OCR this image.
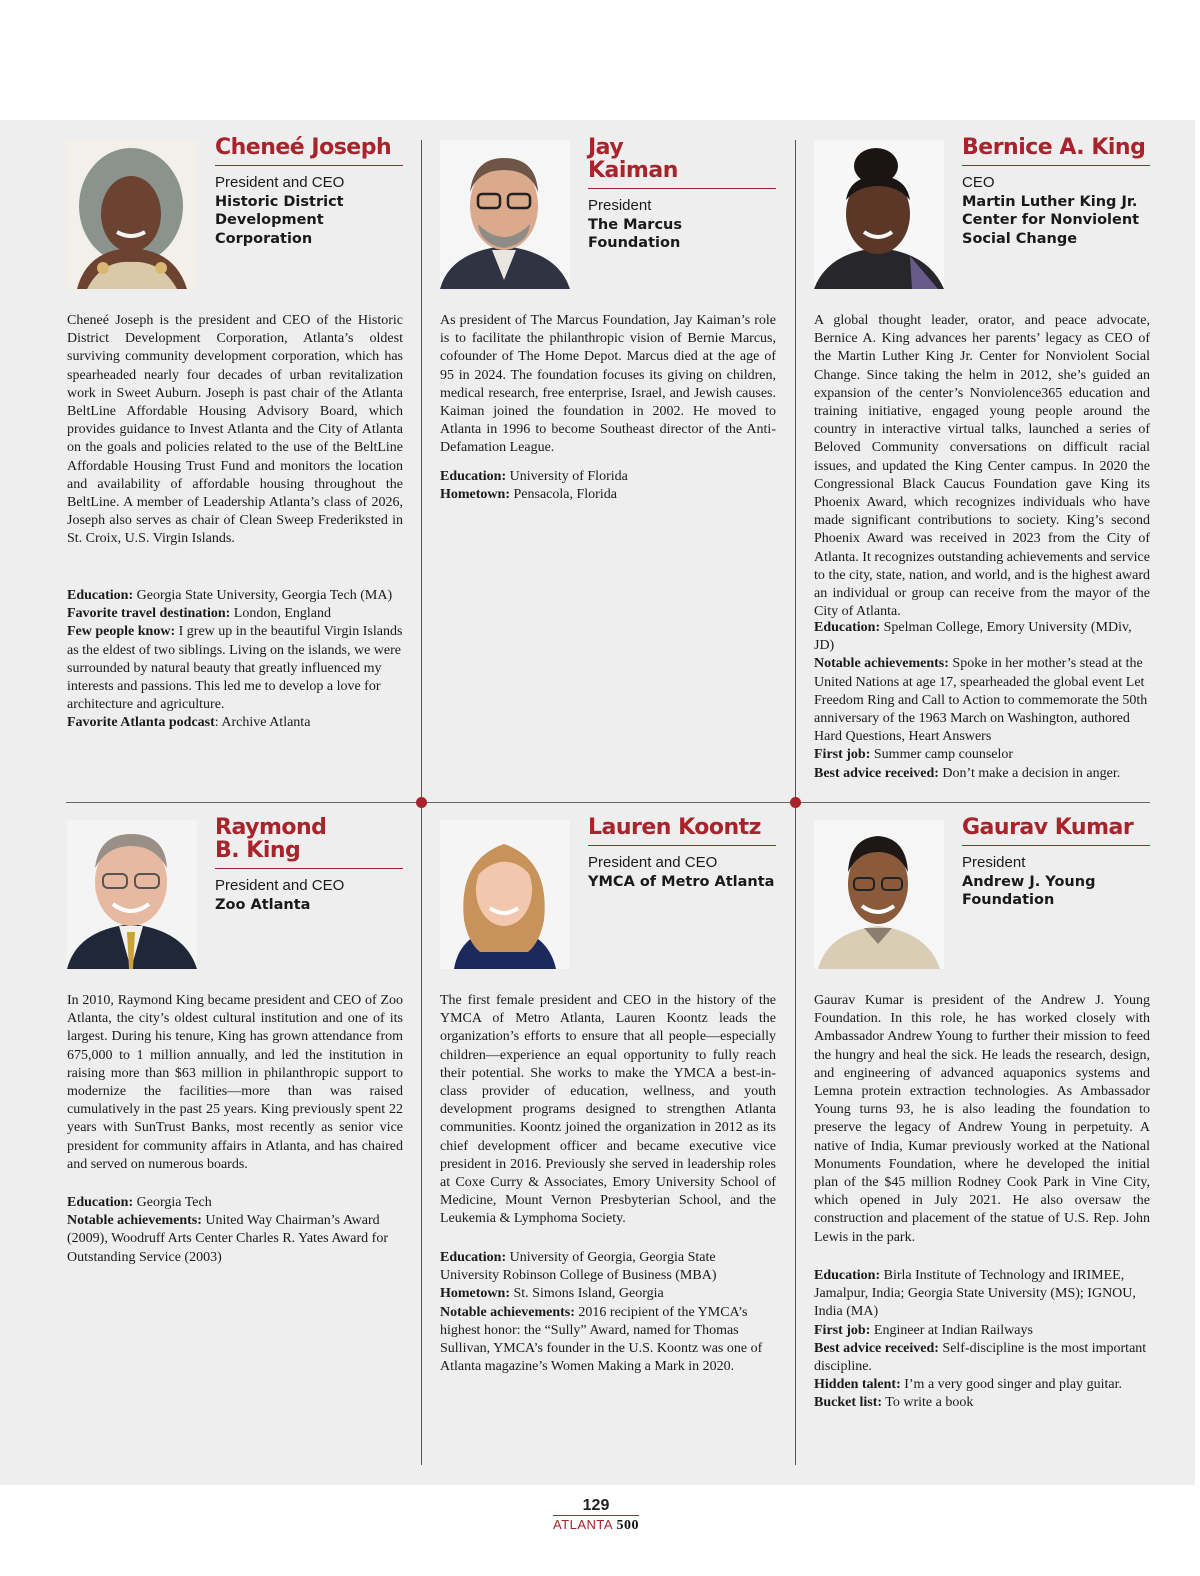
Cheneé Joseph
President and CEO
Historic District
Development
Corporation

Cheneé Joseph is the president and CEO of the Historic District Development Corporation, Atlanta’s oldest surviving community development corporation, which has spearheaded nearly four decades of urban revitalization work in Sweet Auburn. Joseph is past chair of the Atlanta BeltLine Affordable Housing Advisory Board, which provides guidance to Invest Atlanta and the City of Atlanta on the goals and policies related to the use of the BeltLine Affordable Housing Trust Fund and monitors the location and availability of affordable housing throughout the BeltLine. A member of Leadership Atlanta’s class of 2026, Joseph also serves as chair of Clean Sweep Frederiksted in St. Croix, U.S. Virgin Islands.

Education: Georgia State University, Georgia Tech (MA)

Favorite travel destination: London, England

Few people know: I grew up in the beautiful Virgin Islands as the eldest of two siblings. Living on the islands, we were surrounded by natural beauty that greatly influenced my interests and passions. This led me to develop a love for architecture and agriculture.

Favorite Atlanta podcast: Archive Atlanta

Jay
Kaiman
President
The Marcus Foundation

As president of The Marcus Foundation, Jay Kaiman’s role is to facilitate the philanthropic vision of Bernie Marcus, cofounder of The Home Depot. Marcus died at the age of 95 in 2024. The foundation focuses its giving on children, medical research, free enterprise, Israel, and Jewish causes. Kaiman joined the foundation in 2002. He moved to Atlanta in 1996 to become Southeast director of the Anti-Defamation League.

Education: University of Florida

Hometown: Pensacola, Florida

Bernice A. King
CEO
Martin Luther King Jr.
Center for Nonviolent
Social Change

A global thought leader, orator, and peace advocate, Bernice A. King advances her parents’ legacy as CEO of the Martin Luther King Jr. Center for Nonviolent Social Change. Since taking the helm in 2012, she’s guided an expansion of the center’s Nonviolence365 education and training initiative, engaged young people around the country in interactive virtual talks, launched a series of Beloved Community conversations on difficult racial issues, and updated the King Center campus. In 2020 the Congressional Black Caucus Foundation gave King its Phoenix Award, which recognizes individuals who have made significant contributions to society. King’s second Phoenix Award was received in 2023 from the City of Atlanta. It recognizes outstanding achievements and service to the city, state, nation, and world, and is the highest award an individual or group can receive from the mayor of the City of Atlanta.

Education: Spelman College, Emory University (MDiv, JD)

Notable achievements: Spoke in her mother’s stead at the United Nations at age 17, spearheaded the global event Let Freedom Ring and Call to Action to commemorate the 50th anniversary of the 1963 March on Washington, authored Hard Questions, Heart Answers

First job: Summer camp counselor

Best advice received: Don’t make a decision in anger.

Raymond
B. King
President and CEO
Zoo Atlanta

In 2010, Raymond King became president and CEO of Zoo Atlanta, the city’s oldest cultural institution and one of its largest. During his tenure, King has grown attendance from 675,000 to 1 million annually, and led the institution in raising more than $63 million in philanthropic support to modernize the facilities—more than was raised cumulatively in the past 25 years. King previously spent 22 years with SunTrust Banks, most recently as senior vice president for community affairs in Atlanta, and has chaired and served on numerous boards.

Education: Georgia Tech

Notable achievements: United Way Chairman’s Award (2009), Woodruff Arts Center Charles R. Yates Award for Outstanding Service (2003)

Lauren Koontz
President and CEO
YMCA of Metro Atlanta

The first female president and CEO in the history of the YMCA of Metro Atlanta, Lauren Koontz leads the organization’s efforts to ensure that all people—especially children—experience an equal opportunity to fully reach their potential. She works to make the YMCA a best-in-class provider of education, wellness, and youth development programs designed to strengthen Atlanta communities. Koontz joined the organization in 2012 as its chief development officer and became executive vice president in 2016. Previously she served in leadership roles at Coxe Curry & Associates, Emory University School of Medicine, Mount Vernon Presbyterian School, and the Leukemia & Lymphoma Society.

Education: University of Georgia, Georgia State University Robinson College of Business (MBA)

Hometown: St. Simons Island, Georgia

Notable achievements: 2016 recipient of the YMCA’s highest honor: the “Sully” Award, named for Thomas Sullivan, YMCA’s founder in the U.S. Koontz was one of Atlanta magazine’s Women Making a Mark in 2020.

Gaurav Kumar
President
Andrew J. Young
Foundation

Gaurav Kumar is president of the Andrew J. Young Foundation. In this role, he has worked closely with Ambassador Andrew Young to further their mission to feed the hungry and heal the sick. He leads the research, design, and engineering of advanced aquaponics systems and Lemna protein extraction technologies. As Ambassador Young turns 93, he is also leading the foundation to preserve the legacy of Andrew Young in perpetuity. A native of India, Kumar previously worked at the National Monuments Foundation, where he developed the initial plan of the $45 million Rodney Cook Park in Vine City, which opened in July 2021. He also oversaw the construction and placement of the statue of U.S. Rep. John Lewis in the park.

Education: Birla Institute of Technology and IRIMEE, Jamalpur, India; Georgia State University (MS); IGNOU, India (MA)

First job: Engineer at Indian Railways

Best advice received: Self-discipline is the most important discipline.

Hidden talent: I’m a very good singer and play guitar.

Bucket list: To write a book

129
ATLANTA 500
